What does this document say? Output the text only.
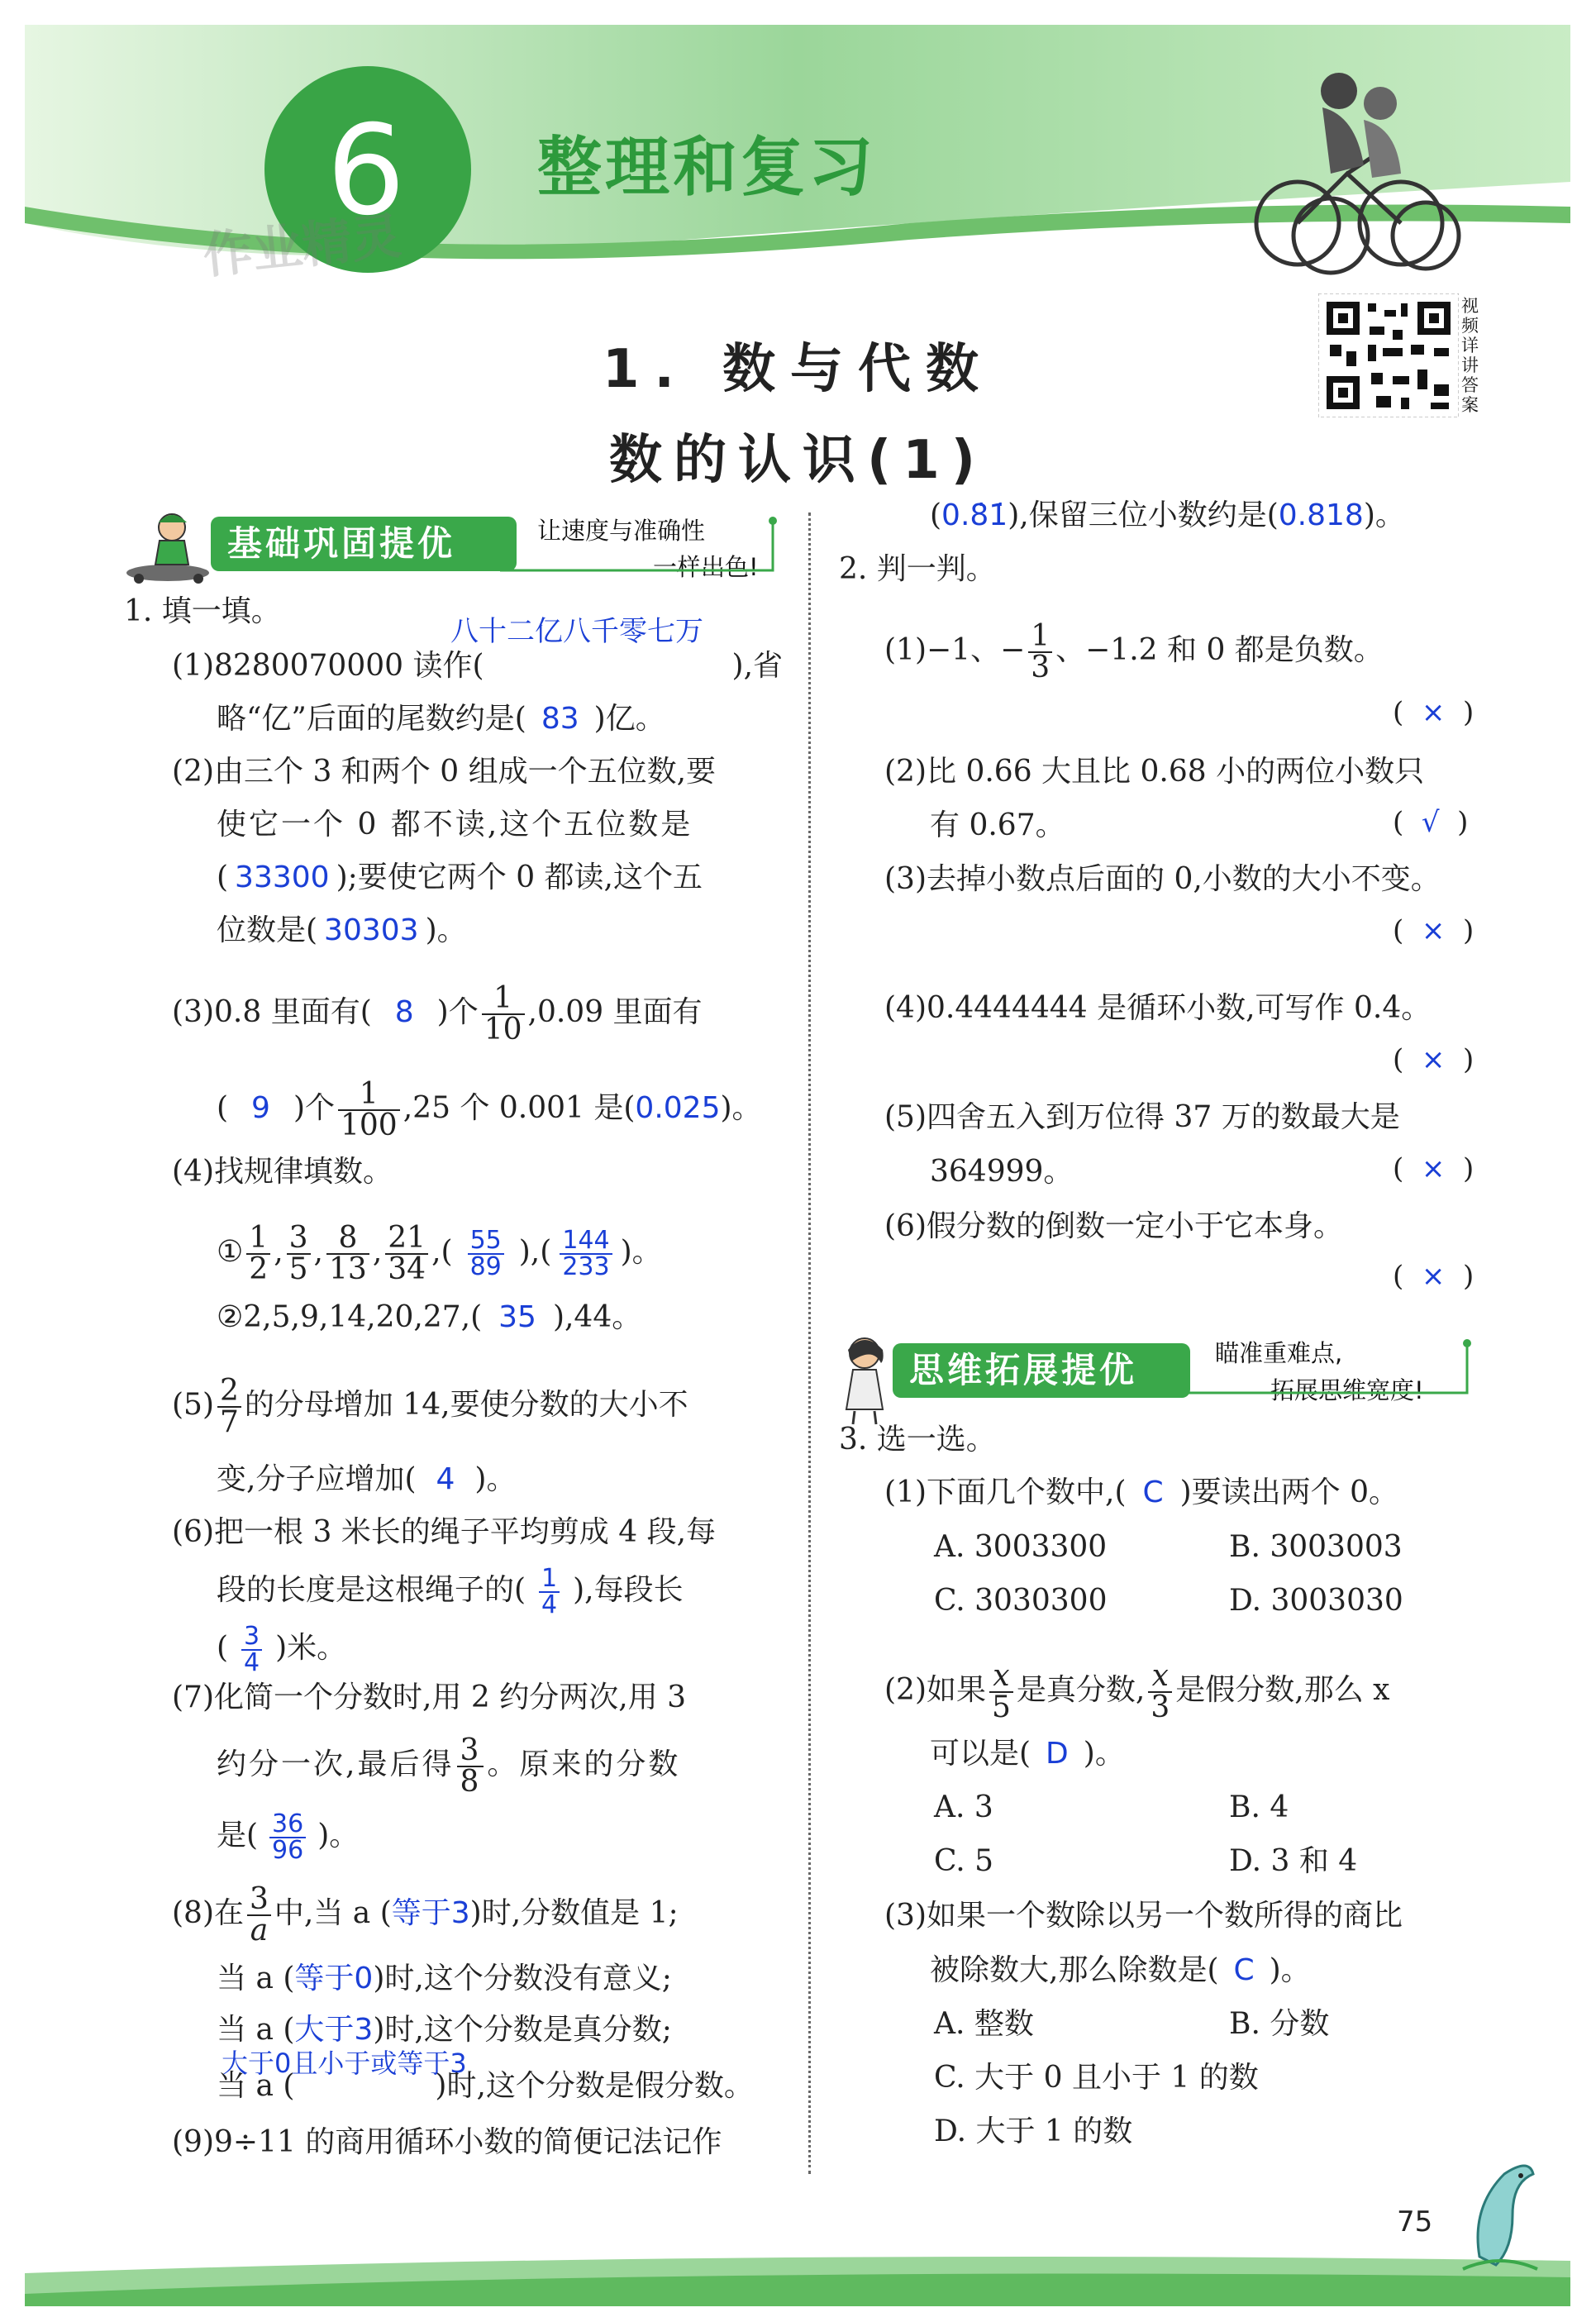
6 整理和复习
作业精灵
视频详讲答案
1. 数与代数
数的认识(1)
基础巩固提优	让速度与准确性
一样出色!
1. 填一填。
八十二亿八千零七万
(1)8280070000 读作(	),省
略“亿”后面的尾数约是( 83 )亿。
(2)由三个 3 和两个 0 组成一个五位数,要
使它一个 0 都不读,这个五位数是
( 33300 );要使它两个 0 都读,这个五
位数是( 30303 )。
(3)0.8 里面有( 8 )个 $\frac{1}{10} ,0.09$ 里面有
( 9 )个 $\frac{1}{100} ,25$ 个 0.001 是(0.025)。
(4)找规律填数。
① $\frac{1}{2}$ , $\frac{3}{5}$ , $\frac{8}{13}$ , $\frac{21}{34}$ ,( $\frac{55}{89}$ ),( $\frac{144}{233}$ )。
②2,5,9,14,20,27,( 35 ),44。
$(5) \frac{2}{7}$ 的分母增加 14,要使分数的大小不
变,分子应增加( 4 )。
(6)把一根 3 米长的绳子平均剪成 4 段,每
段的长度是这根绳子的( $\frac{1}{4}$ ),每段长
( $\frac{3}{4}$ )米。
(7)化简一个分数时,用 2 约分两次,用 3
约分一次,最后得 $\frac{3}{8}$ 。原来的分数
是( $\frac{36}{96}$ )。
(8)在 $\frac{3}{a}$ 中,当 a (等于3)时,分数值是 1;
当 a (等于0)时,这个分数没有意义;
当 a (大于3)时,这个分数是真分数;
大于0且小于或等于3
当 a (	)时,这个分数是假分数。
(9)9÷11 的商用循环小数的简便记法记作
(0.8̇1̇),保留三位小数约是(0.818)。
2. 判一判。
(1)−1、− $\frac{1}{3}$ 、−1.2 和 0 都是负数。
(  ×  )
(2)比 0.66 大且比 0.68 小的两位小数只
有 0.67。	(  √  )
(3)去掉小数点后面的 0,小数的大小不变。
(  ×  )
(4)0.4444444 是循环小数,可写作 0.4̇。
(  ×  )
(5)四舍五入到万位得 37 万的数最大是
364999。	(  ×  )
(6)假分数的倒数一定小于它本身。
(  ×  )
思维拓展提优	瞄准重难点,
拓展思维宽度!
3. 选一选。
(1)下面几个数中,( C )要读出两个 0。
A. 3003300	B. 3003003
C. 3030300	D. 3003030
(2)如果 $\frac{x}{5}$ 是真分数, $\frac{x}{3}$ 是假分数,那么 x
可以是( D )。
A. 3	B. 4
C. 5	D. 3 和 4
(3)如果一个数除以另一个数所得的商比
被除数大,那么除数是( C )。
A. 整数	B. 分数
C. 大于 0 且小于 1 的数
D. 大于 1 的数
75
